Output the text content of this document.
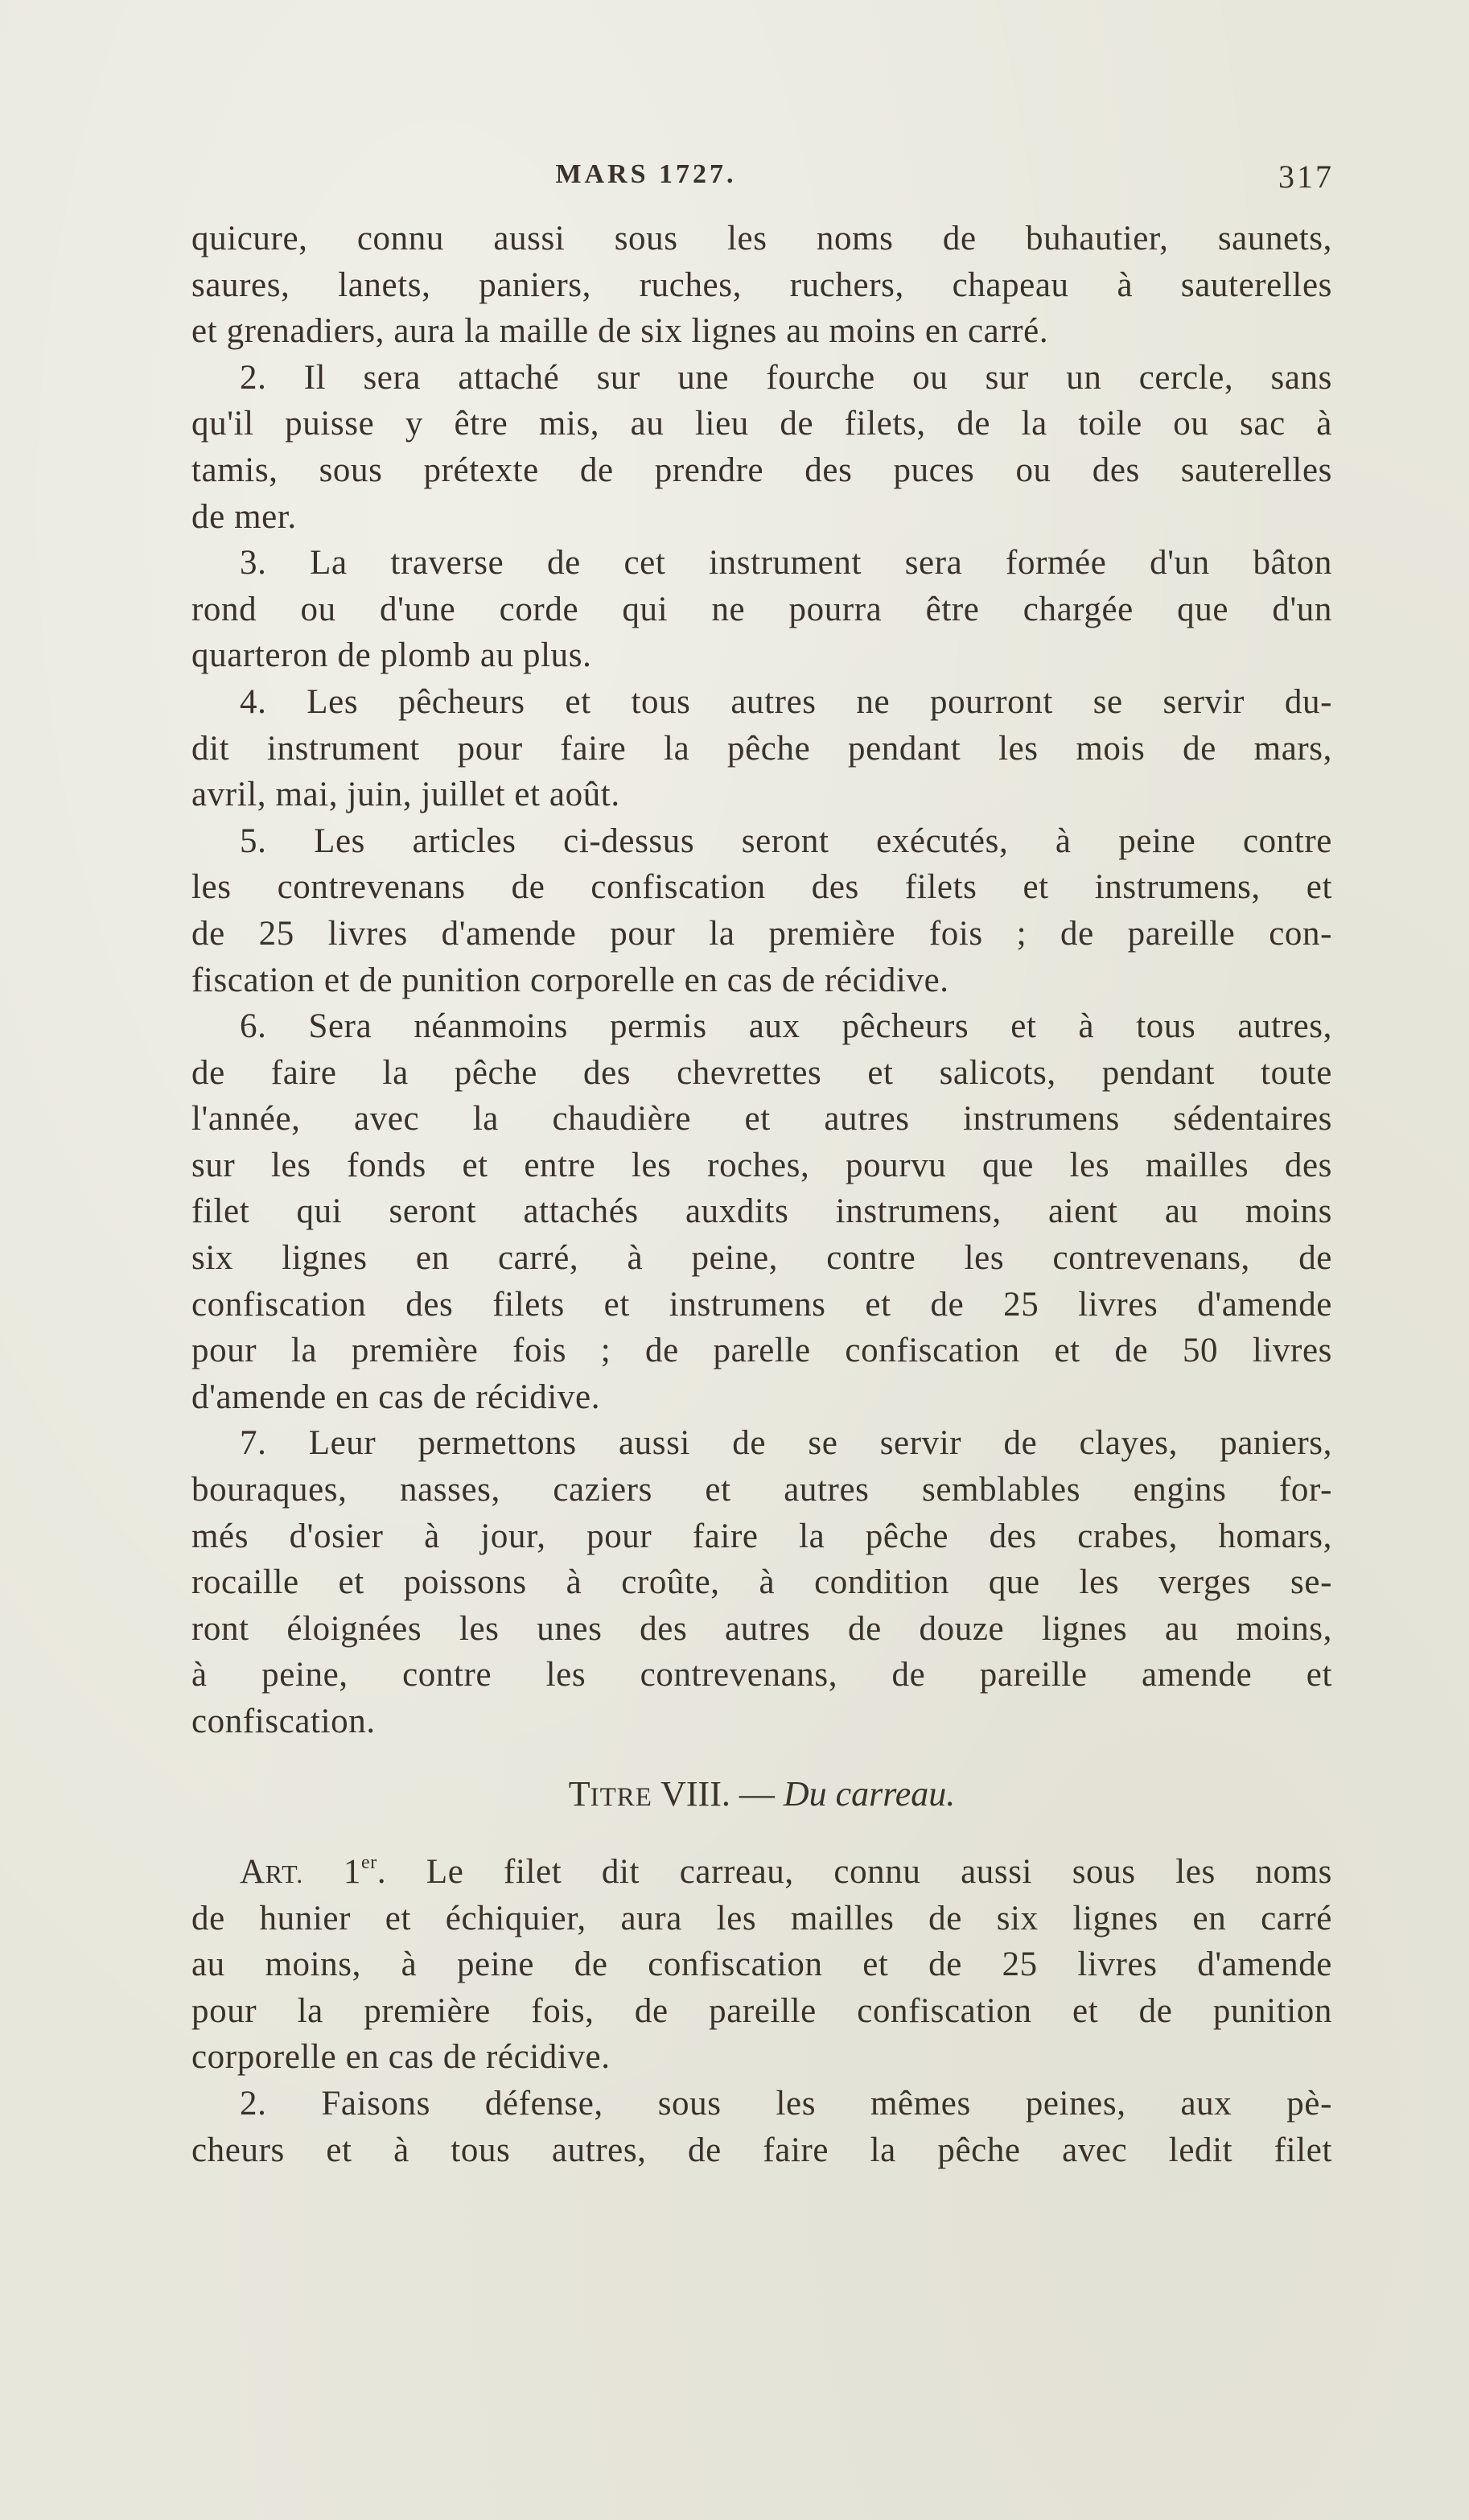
MARS 1727.	317
quicure, connu aussi sous les noms de buhautier, saunets,
saures, lanets, paniers, ruches, ruchers, chapeau à sauterelles
et grenadiers, aura la maille de six lignes au moins en carré.
2. Il sera attaché sur une fourche ou sur un cercle, sans
qu'il puisse y être mis, au lieu de filets, de la toile ou sac à
tamis, sous prétexte de prendre des puces ou des sauterelles
de mer.
3. La traverse de cet instrument sera formée d'un bâton
rond ou d'une corde qui ne pourra être chargée que d'un
quarteron de plomb au plus.
4. Les pêcheurs et tous autres ne pourront se servir du-
dit instrument pour faire la pêche pendant les mois de mars,
avril, mai, juin, juillet et août.
5. Les articles ci-dessus seront exécutés, à peine contre
les contrevenans de confiscation des filets et instrumens, et
de 25 livres d'amende pour la première fois ; de pareille con-
fiscation et de punition corporelle en cas de récidive.
6. Sera néanmoins permis aux pêcheurs et à tous autres,
de faire la pêche des chevrettes et salicots, pendant toute
l'année, avec la chaudière et autres instrumens sédentaires
sur les fonds et entre les roches, pourvu que les mailles des
filet qui seront attachés auxdits instrumens, aient au moins
six lignes en carré, à peine, contre les contrevenans, de
confiscation des filets et instrumens et de 25 livres d'amende
pour la première fois ; de parelle confiscation et de 50 livres
d'amende en cas de récidive.
7. Leur permettons aussi de se servir de clayes, paniers,
bouraques, nasses, caziers et autres semblables engins for-
més d'osier à jour, pour faire la pêche des crabes, homars,
rocaille et poissons à croûte, à condition que les verges se-
ront éloignées les unes des autres de douze lignes au moins,
à peine, contre les contrevenans, de pareille amende et
confiscation.
TITRE VIII. — Du carreau.
ART. 1er. Le filet dit carreau, connu aussi sous les noms
de hunier et échiquier, aura les mailles de six lignes en carré
au moins, à peine de confiscation et de 25 livres d'amende
pour la première fois, de pareille confiscation et de punition
corporelle en cas de récidive.
2. Faisons défense, sous les mêmes peines, aux pè-
cheurs et à tous autres, de faire la pêche avec ledit filet
